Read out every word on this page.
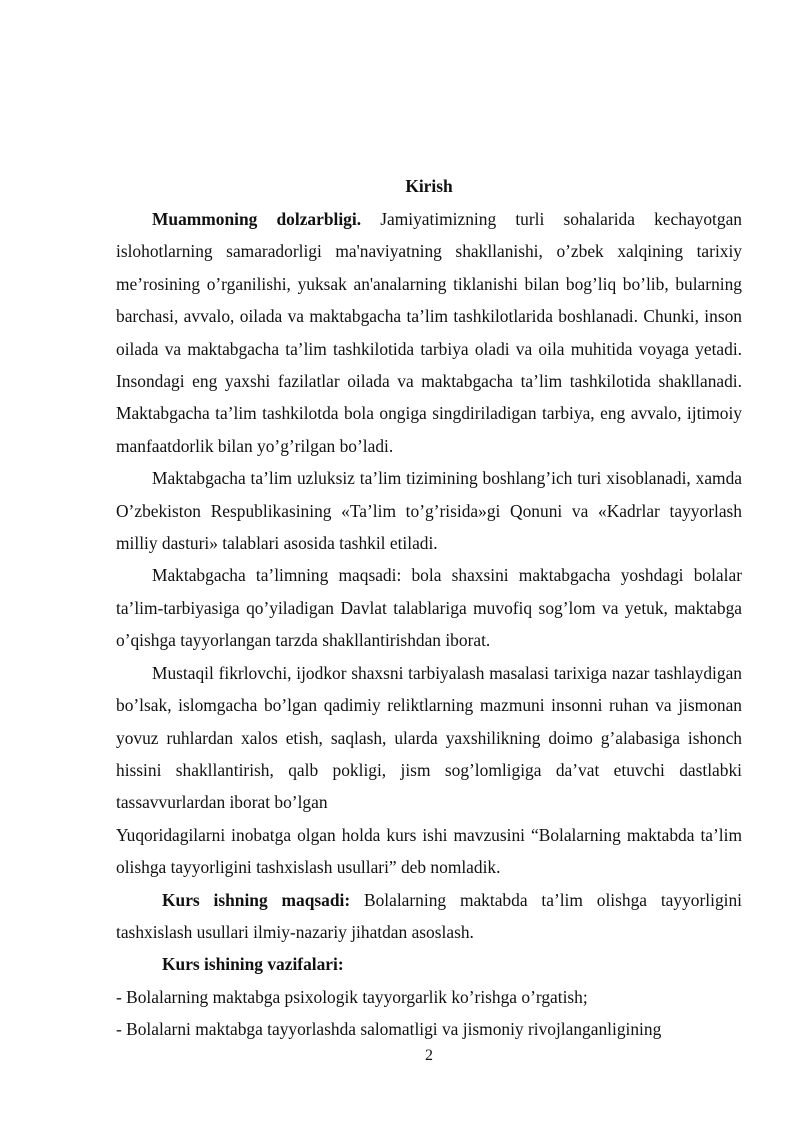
Kirish

Muammoning dolzarbligi. Jamiyatimizning turli sohalarida kechayotgan islohotlarning samaradorligi ma'naviyatning shakllanishi, o’zbek xalqining tarixiy me’rosining o’rganilishi, yuksak an'analarning tiklanishi bilan bog’liq bo’lib, bularning barchasi, avvalo, oilada va maktabgacha ta’lim tashkilotlarida boshlanadi. Chunki, inson oilada va maktabgacha ta’lim tashkilotida tarbiya oladi va oila muhitida voyaga yetadi. Insondagi eng yaxshi fazilatlar oilada va maktabgacha ta’lim tashkilotida shakllanadi. Maktabgacha ta’lim tashkilotda bola ongiga singdiriladigan tarbiya, eng avvalo, ijtimoiy manfaatdorlik bilan yo’g’rilgan bo’ladi.

Maktabgacha ta’lim uzluksiz ta’lim tizimining boshlang’ich turi xisoblanadi, xamda O’zbekiston Respublikasining «Ta’lim to’g’risida»gi Qonuni va «Kadrlar tayyorlash milliy dasturi» talablari asosida tashkil etiladi.

Maktabgacha ta’limning maqsadi: bola shaxsini maktabgacha yoshdagi bolalar ta’lim-tarbiyasiga qo’yiladigan Davlat talablariga muvofiq sog’lom va yetuk, maktabga o’qishga tayyorlangan tarzda shakllantirishdan iborat.

Mustaqil fikrlovchi, ijodkor shaxsni tarbiyalash masalasi tarixiga nazar tashlaydigan bo’lsak, islomgacha bo’lgan qadimiy reliktlarning mazmuni insonni ruhan va jismonan yovuz ruhlardan xalos etish, saqlash, ularda yaxshilikning doimo g’alabasiga ishonch hissini shakllantirish, qalb pokligi, jism sog’lomligiga da’vat etuvchi dastlabki tassavvurlardan iborat bo’lgan

Yuqoridagilarni inobatga olgan holda kurs ishi mavzusini “Bolalarning maktabda ta’lim olishga tayyorligini tashxislash usullari” deb nomladik.

Kurs ishning maqsadi: Bolalarning maktabda ta’lim olishga tayyorligini tashxislash usullari ilmiy-nazariy jihatdan asoslash.

Kurs ishining vazifalari:

- Bolalarning maktabga psixologik tayyorgarlik ko’rishga o’rgatish;

- Bolalarni maktabga tayyorlashda salomatligi va jismoniy rivojlanganligining

2
